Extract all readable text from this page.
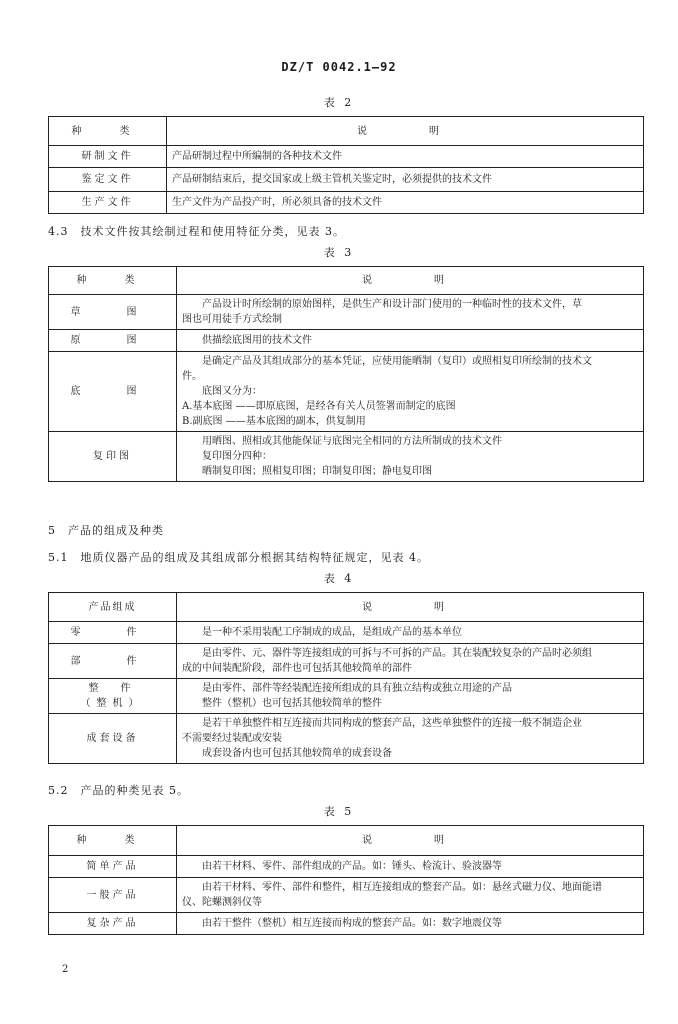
DZ/T 0042.1—92
表 2
种　类	说　　明
研制文件	产品研制过程中所编制的各种技术文件
鉴定文件	产品研制结束后，提交国家或上级主管机关鉴定时，必须提供的技术文件
生产文件	生产文件为产品投产时，所必须具备的技术文件
4.3　技术文件按其绘制过程和使用特征分类，见表 3。
表 3
种　类	说　　明
草　图	产品设计时所绘制的原始图样，是供生产和设计部门使用的一种临时性的技术文件，草
图也可用徒手方式绘制

原　图	供描绘底图用的技术文件

底　图	是确定产品及其组成部分的基本凭证，应使用能晒制（复印）或照相复印所绘制的技术文
件。
底图又分为：
A.基本底图 ——即原底图，是经各有关人员签署而制定的底图
B.副底图 ——基本底图的副本，供复制用

复印图	用晒图、照相或其他能保证与底图完全相同的方法所制成的技术文件
复印图分四种：
晒制复印图；照相复印图；印制复印图；静电复印图
5　产品的组成及种类
5.1　地质仪器产品的组成及其组成部分根据其结构特征规定，见表 4。
表 4
产品组成	说　　明
零　件	是一种不采用装配工序制成的成品，是组成产品的基本单位

部　件	是由零件、元、器件等连接组成的可拆与不可拆的产品。其在装配较复杂的产品时必须组
成的中间装配阶段，部件也可包括其他较简单的部件

整　件
（整机）	是由零件、部件等经装配连接所组成的具有独立结构或独立用途的产品
整件（整机）也可包括其他较简单的整件

成套设备	是若干单独整件相互连接而共同构成的整套产品，这些单独整件的连接一般不制造企业
不需要经过装配或安装
成套设备内也可包括其他较简单的成套设备
5.2　产品的种类见表 5。
表 5
种　类	说　　明
简单产品	由若干材料、零件、部件组成的产品。如：锤头、检流计、验波器等

一般产品	由若干材料、零件、部件和整件，相互连接组成的整套产品。如：悬丝式磁力仪、地面能谱
仪、陀螺测斜仪等

复杂产品	由若干整件（整机）相互连接而构成的整套产品。如：数字地震仪等
2
